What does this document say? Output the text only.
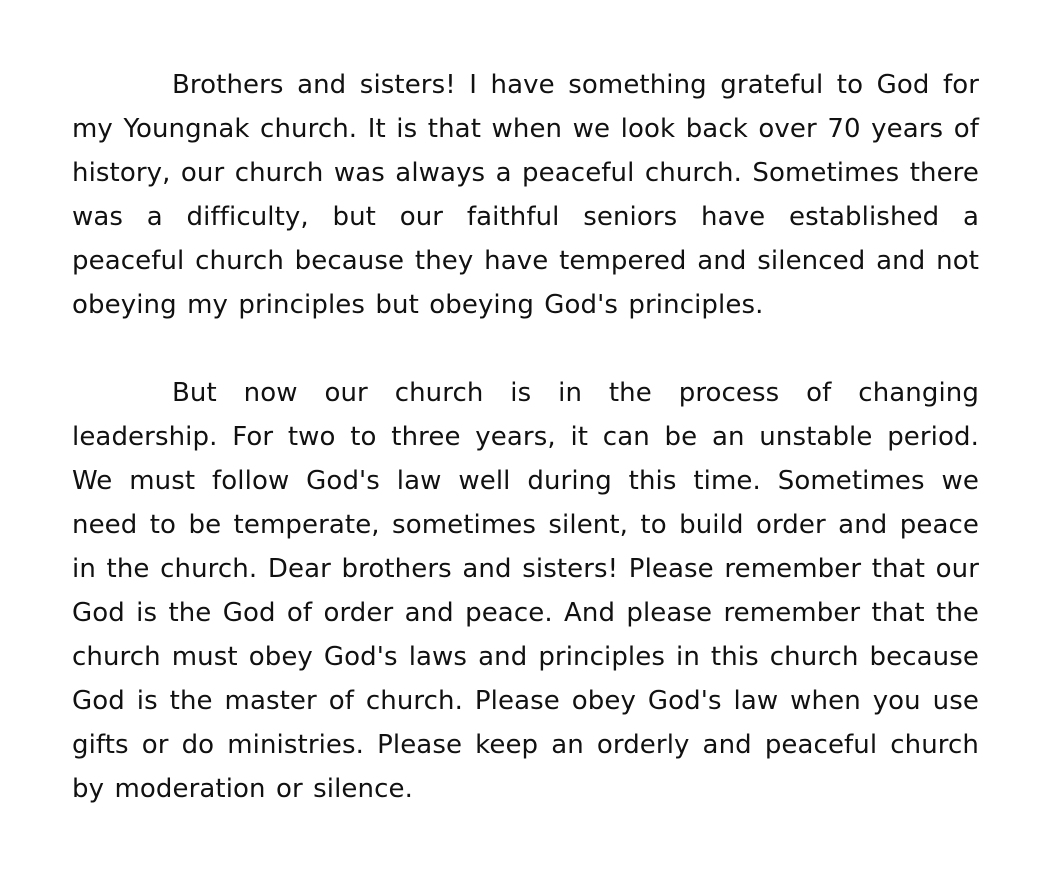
Brothers and sisters! I have something grateful to God for my Youngnak church. It is that when we look back over 70 years of history, our church was always a peaceful church. Sometimes there was a difficulty, but our faithful seniors have established a peaceful church because they have tempered and silenced and not obeying my principles but obeying God's principles.

But now our church is in the process of changing leadership. For two to three years, it can be an unstable period. We must follow God's law well during this time. Sometimes we need to be temperate, sometimes silent, to build order and peace in the church. Dear brothers and sisters! Please remember that our God is the God of order and peace. And please remember that the church must obey God's laws and principles in this church because God is the master of church. Please obey God's law when you use gifts or do ministries. Please keep an orderly and peaceful church by moderation or silence.
